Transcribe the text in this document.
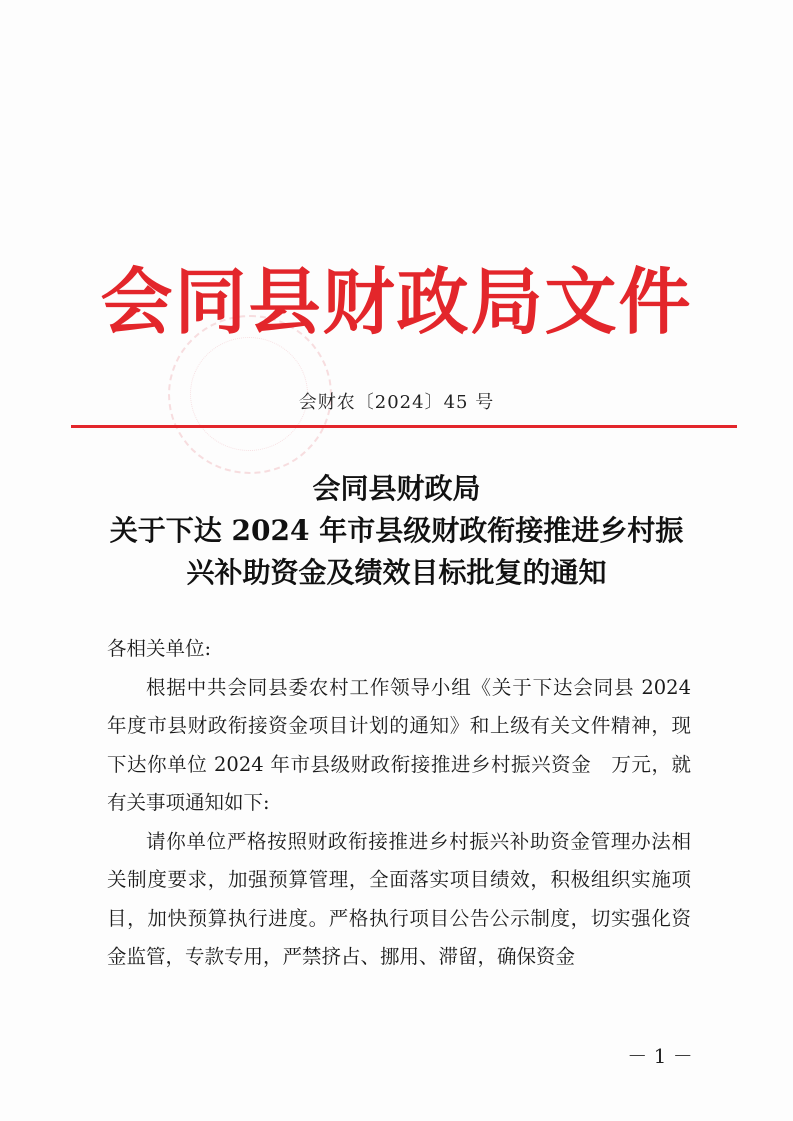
会同县财政局文件
会财农〔2024〕45 号
会同县财政局
关于下达 2024 年市县级财政衔接推进乡村振
兴补助资金及绩效目标批复的通知

各相关单位:

根据中共会同县委农村工作领导小组《关于下达会同县 2024 年度市县财政衔接资金项目计划的通知》和上级有关文件精神，现下达你单位 2024 年市县级财政衔接推进乡村振兴资金　万元，就有关事项通知如下:

请你单位严格按照财政衔接推进乡村振兴补助资金管理办法相关制度要求，加强预算管理，全面落实项目绩效，积极组织实施项目，加快预算执行进度。严格执行项目公告公示制度，切实强化资金监管，专款专用，严禁挤占、挪用、滞留，确保资金

－ 1 －
